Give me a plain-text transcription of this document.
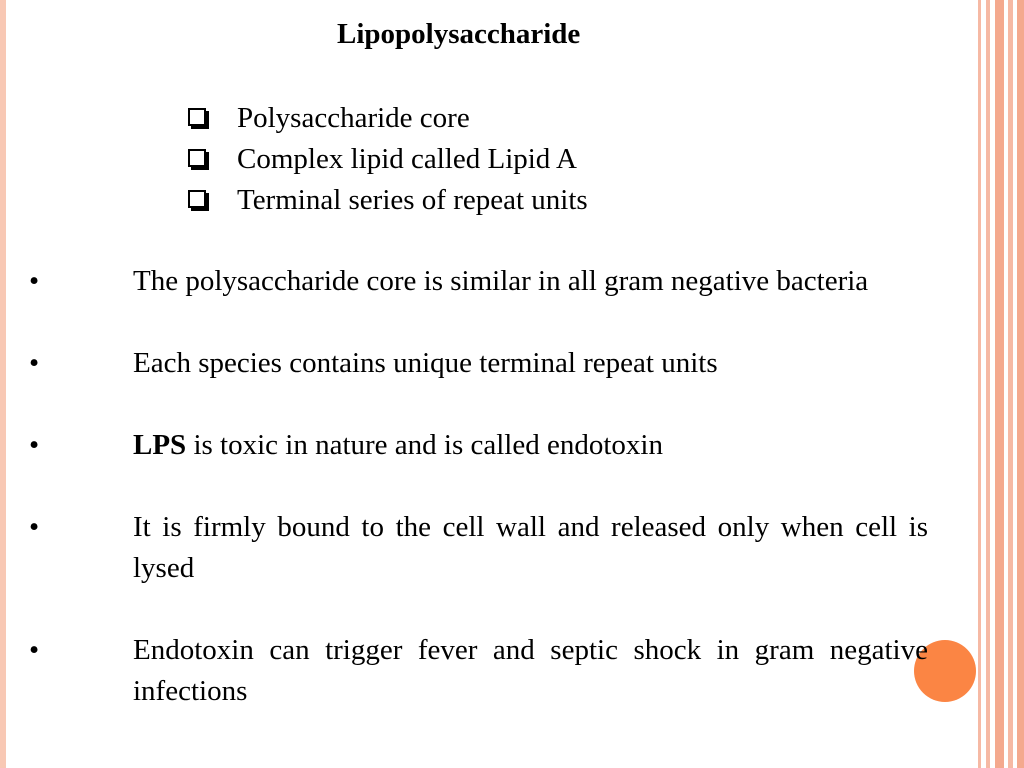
Lipopolysaccharide
Polysaccharide core
Complex lipid called Lipid A
Terminal series of repeat units
•	The polysaccharide core is similar in all gram negative bacteria
•	Each species contains unique terminal repeat units
•	LPS is toxic in nature and is called endotoxin
•	It is firmly bound to the cell wall and released only when cell is lysed
•	Endotoxin can trigger fever and septic shock in gram negative infections
